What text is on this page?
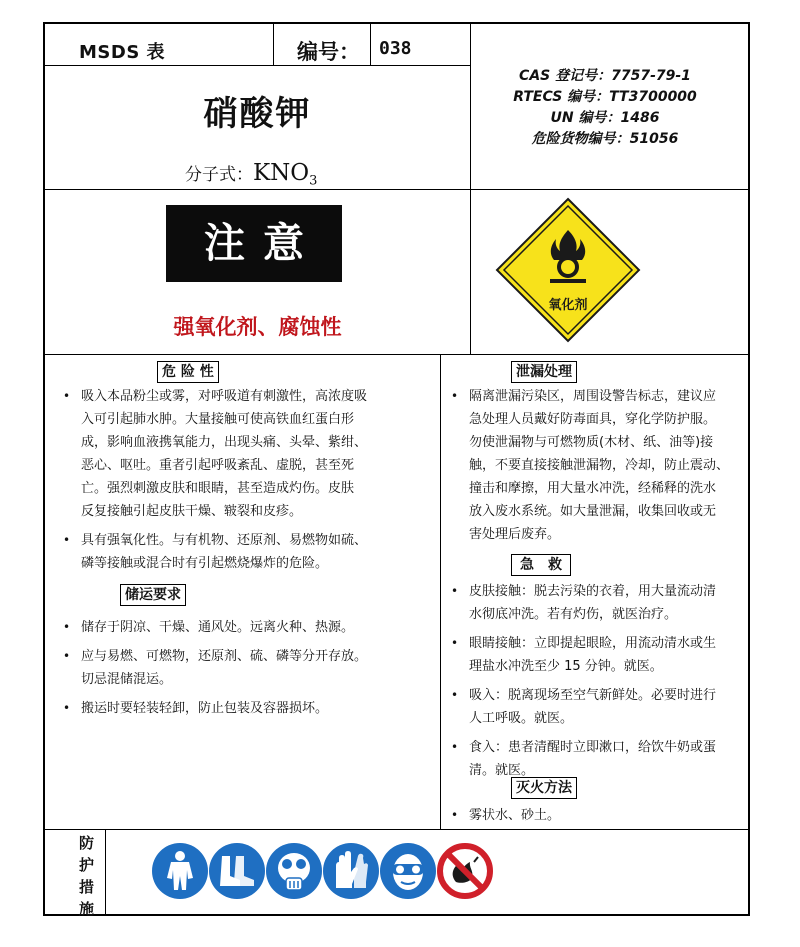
MSDS 表	编号： 038
硝酸钾
分子式：$KNO_3$
CAS 登记号：7757-79-1
RTECS 编号：TT3700000
UN 编号：1486
危险货物编号：51056
注意
强氧化剂、腐蚀性
氧化剂
危 险 性
储运要求
泄漏处理
急　救
灭火方法
• 吸入本品粉尘或雾，对呼吸道有刺激性，高浓度吸
入可引起肺水肿。大量接触可使高铁血红蛋白形
成，影响血液携氧能力，出现头痛、头晕、紫绀、
恶心、呕吐。重者引起呼吸紊乱、虚脱，甚至死
亡。强烈刺激皮肤和眼睛，甚至造成灼伤。皮肤
反复接触引起皮肤干燥、皲裂和皮疹。
• 具有强氧化性。与有机物、还原剂、易燃物如硫、
磷等接触或混合时有引起燃烧爆炸的危险。
• 储存于阴凉、干燥、通风处。远离火种、热源。
• 应与易燃、可燃物，还原剂、硫、磷等分开存放。
切忌混储混运。
• 搬运时要轻装轻卸，防止包装及容器损坏。
• 隔离泄漏污染区，周围设警告标志，建议应
急处理人员戴好防毒面具，穿化学防护服。
勿使泄漏物与可燃物质(木材、纸、油等)接
触，不要直接接触泄漏物，冷却，防止震动、
撞击和摩擦，用大量水冲洗，经稀释的洗水
放入废水系统。如大量泄漏，收集回收或无
害处理后废弃。
• 皮肤接触：脱去污染的衣着，用大量流动清
水彻底冲洗。若有灼伤，就医治疗。
• 眼睛接触：立即提起眼睑，用流动清水或生
理盐水冲洗至少 15 分钟。就医。
• 吸入：脱离现场至空气新鲜处。必要时进行
人工呼吸。就医。
• 食入：患者清醒时立即漱口，给饮牛奶或蛋
清。就医。
• 雾状水、砂土。
防
护
措
施
